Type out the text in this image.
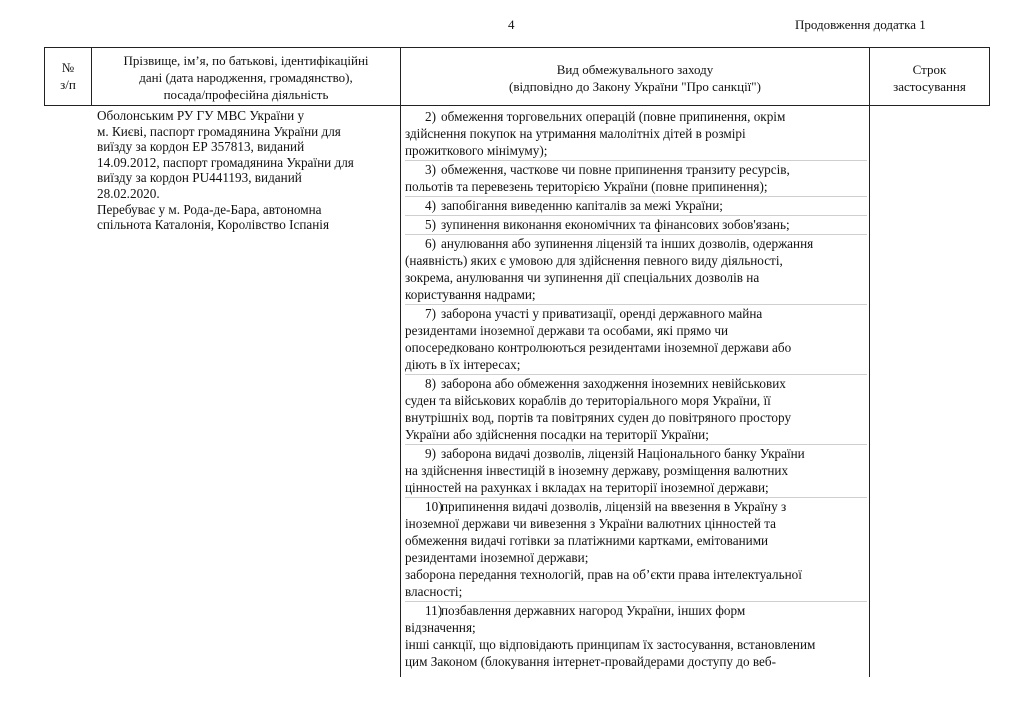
4	Продовження додатка 1
№
з/п
Прізвище, ім’я, по батькові, ідентифікаційні
дані (дата народження, громадянство),
посада/професійна діяльність
Вид обмежувального заходу
(відповідно до Закону України "Про санкції")
Строк
застосування

Оболонським РУ ГУ МВС України у

м. Києві, паспорт громадянина України для

виїзду за кордон ЕР 357813, виданий

14.09.2012, паспорт громадянина України для

виїзду за кордон PU441193, виданий

28.02.2020.

Перебуває у м. Рода-де-Бара, автономна

спільнота Каталонія, Королівство Іспанія

2) обмеження торговельних операцій (повне припинення, окрім

здійснення покупок на утримання малолітніх дітей в розмірі

прожиткового мінімуму);

3) обмеження, часткове чи повне припинення транзиту ресурсів,

польотів та перевезень територією України (повне припинення);

4) запобігання виведенню капіталів за межі України;

5) зупинення виконання економічних та фінансових зобов'язань;

6) анулювання або зупинення ліцензій та інших дозволів, одержання

(наявність) яких є умовою для здійснення певного виду діяльності,

зокрема, анулювання чи зупинення дії спеціальних дозволів на

користування надрами;

7) заборона участі у приватизації, оренді державного майна

резидентами іноземної держави та особами, які прямо чи

опосередковано контролюються резидентами іноземної держави або

діють в їх інтересах;

8) заборона або обмеження заходження іноземних невійськових

суден та військових кораблів до територіального моря України, її

внутрішніх вод, портів та повітряних суден до повітряного простору

України або здійснення посадки на території України;

9) заборона видачі дозволів, ліцензій Національного банку України

на здійснення інвестицій в іноземну державу, розміщення валютних

цінностей на рахунках і вкладах на території іноземної держави;

10)припинення видачі дозволів, ліцензій на ввезення в Україну з

іноземної держави чи вивезення з України валютних цінностей та

обмеження видачі готівки за платіжними картками, емітованими

резидентами іноземної держави;

заборона передання технологій, прав на об’єкти права інтелектуальної

власності;

11)позбавлення державних нагород України, інших форм

відзначення;

інші санкції, що відповідають принципам їх застосування, встановленим

цим Законом (блокування інтернет-провайдерами доступу до веб-
